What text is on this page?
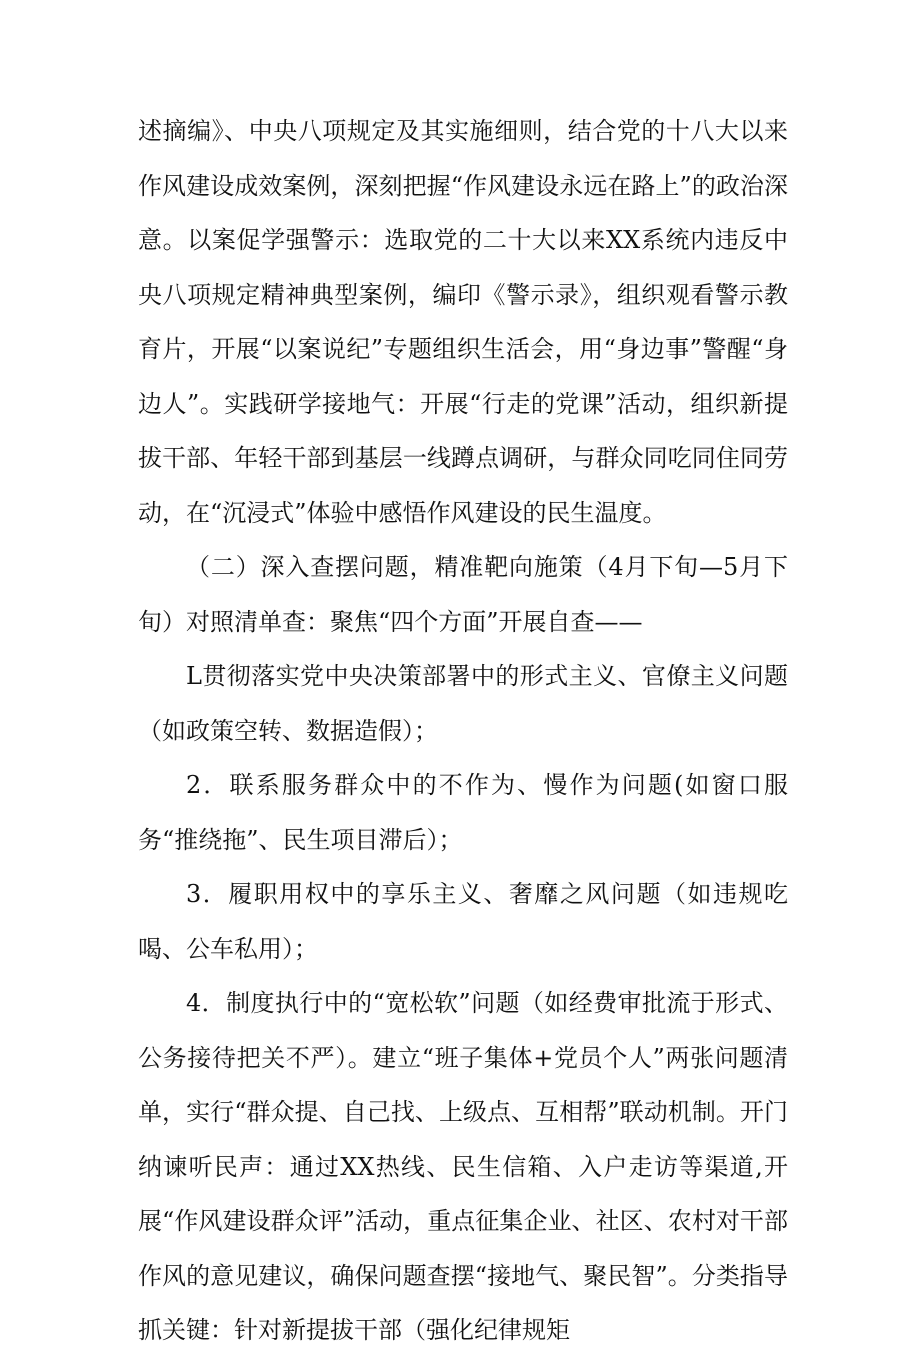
述摘编》、中央八项规定及其实施细则，结合党的十八大以来作风建设成效案例，深刻把握“作风建设永远在路上”的政治深意。以案促学强警示：选取党的二十大以来XX系统内违反中央八项规定精神典型案例，编印《警示录》，组织观看警示教育片，开展“以案说纪”专题组织生活会，用“身边事”警醒“身边人”。实践研学接地气：开展“行走的党课”活动，组织新提拔干部、年轻干部到基层一线蹲点调研，与群众同吃同住同劳动，在“沉浸式”体验中感悟作风建设的民生温度。

（二）深入查摆问题，精准靶向施策（4月下旬—5月下旬）对照清单查：聚焦“四个方面”开展自查——

L贯彻落实党中央决策部署中的形式主义、官僚主义问题（如政策空转、数据造假）；

2．联系服务群众中的不作为、慢作为问题(如窗口服务“推绕拖”、民生项目滞后）；

3．履职用权中的享乐主义、奢靡之风问题（如违规吃喝、公车私用）；

4．制度执行中的“宽松软”问题（如经费审批流于形式、公务接待把关不严）。建立“班子集体+党员个人”两张问题清单，实行“群众提、自己找、上级点、互相帮”联动机制。开门纳谏听民声：通过XX热线、民生信箱、入户走访等渠道,开展“作风建设群众评”活动，重点征集企业、社区、农村对干部作风的意见建议，确保问题查摆“接地气、聚民智”。分类指导抓关键：针对新提拔干部（强化纪律规矩
